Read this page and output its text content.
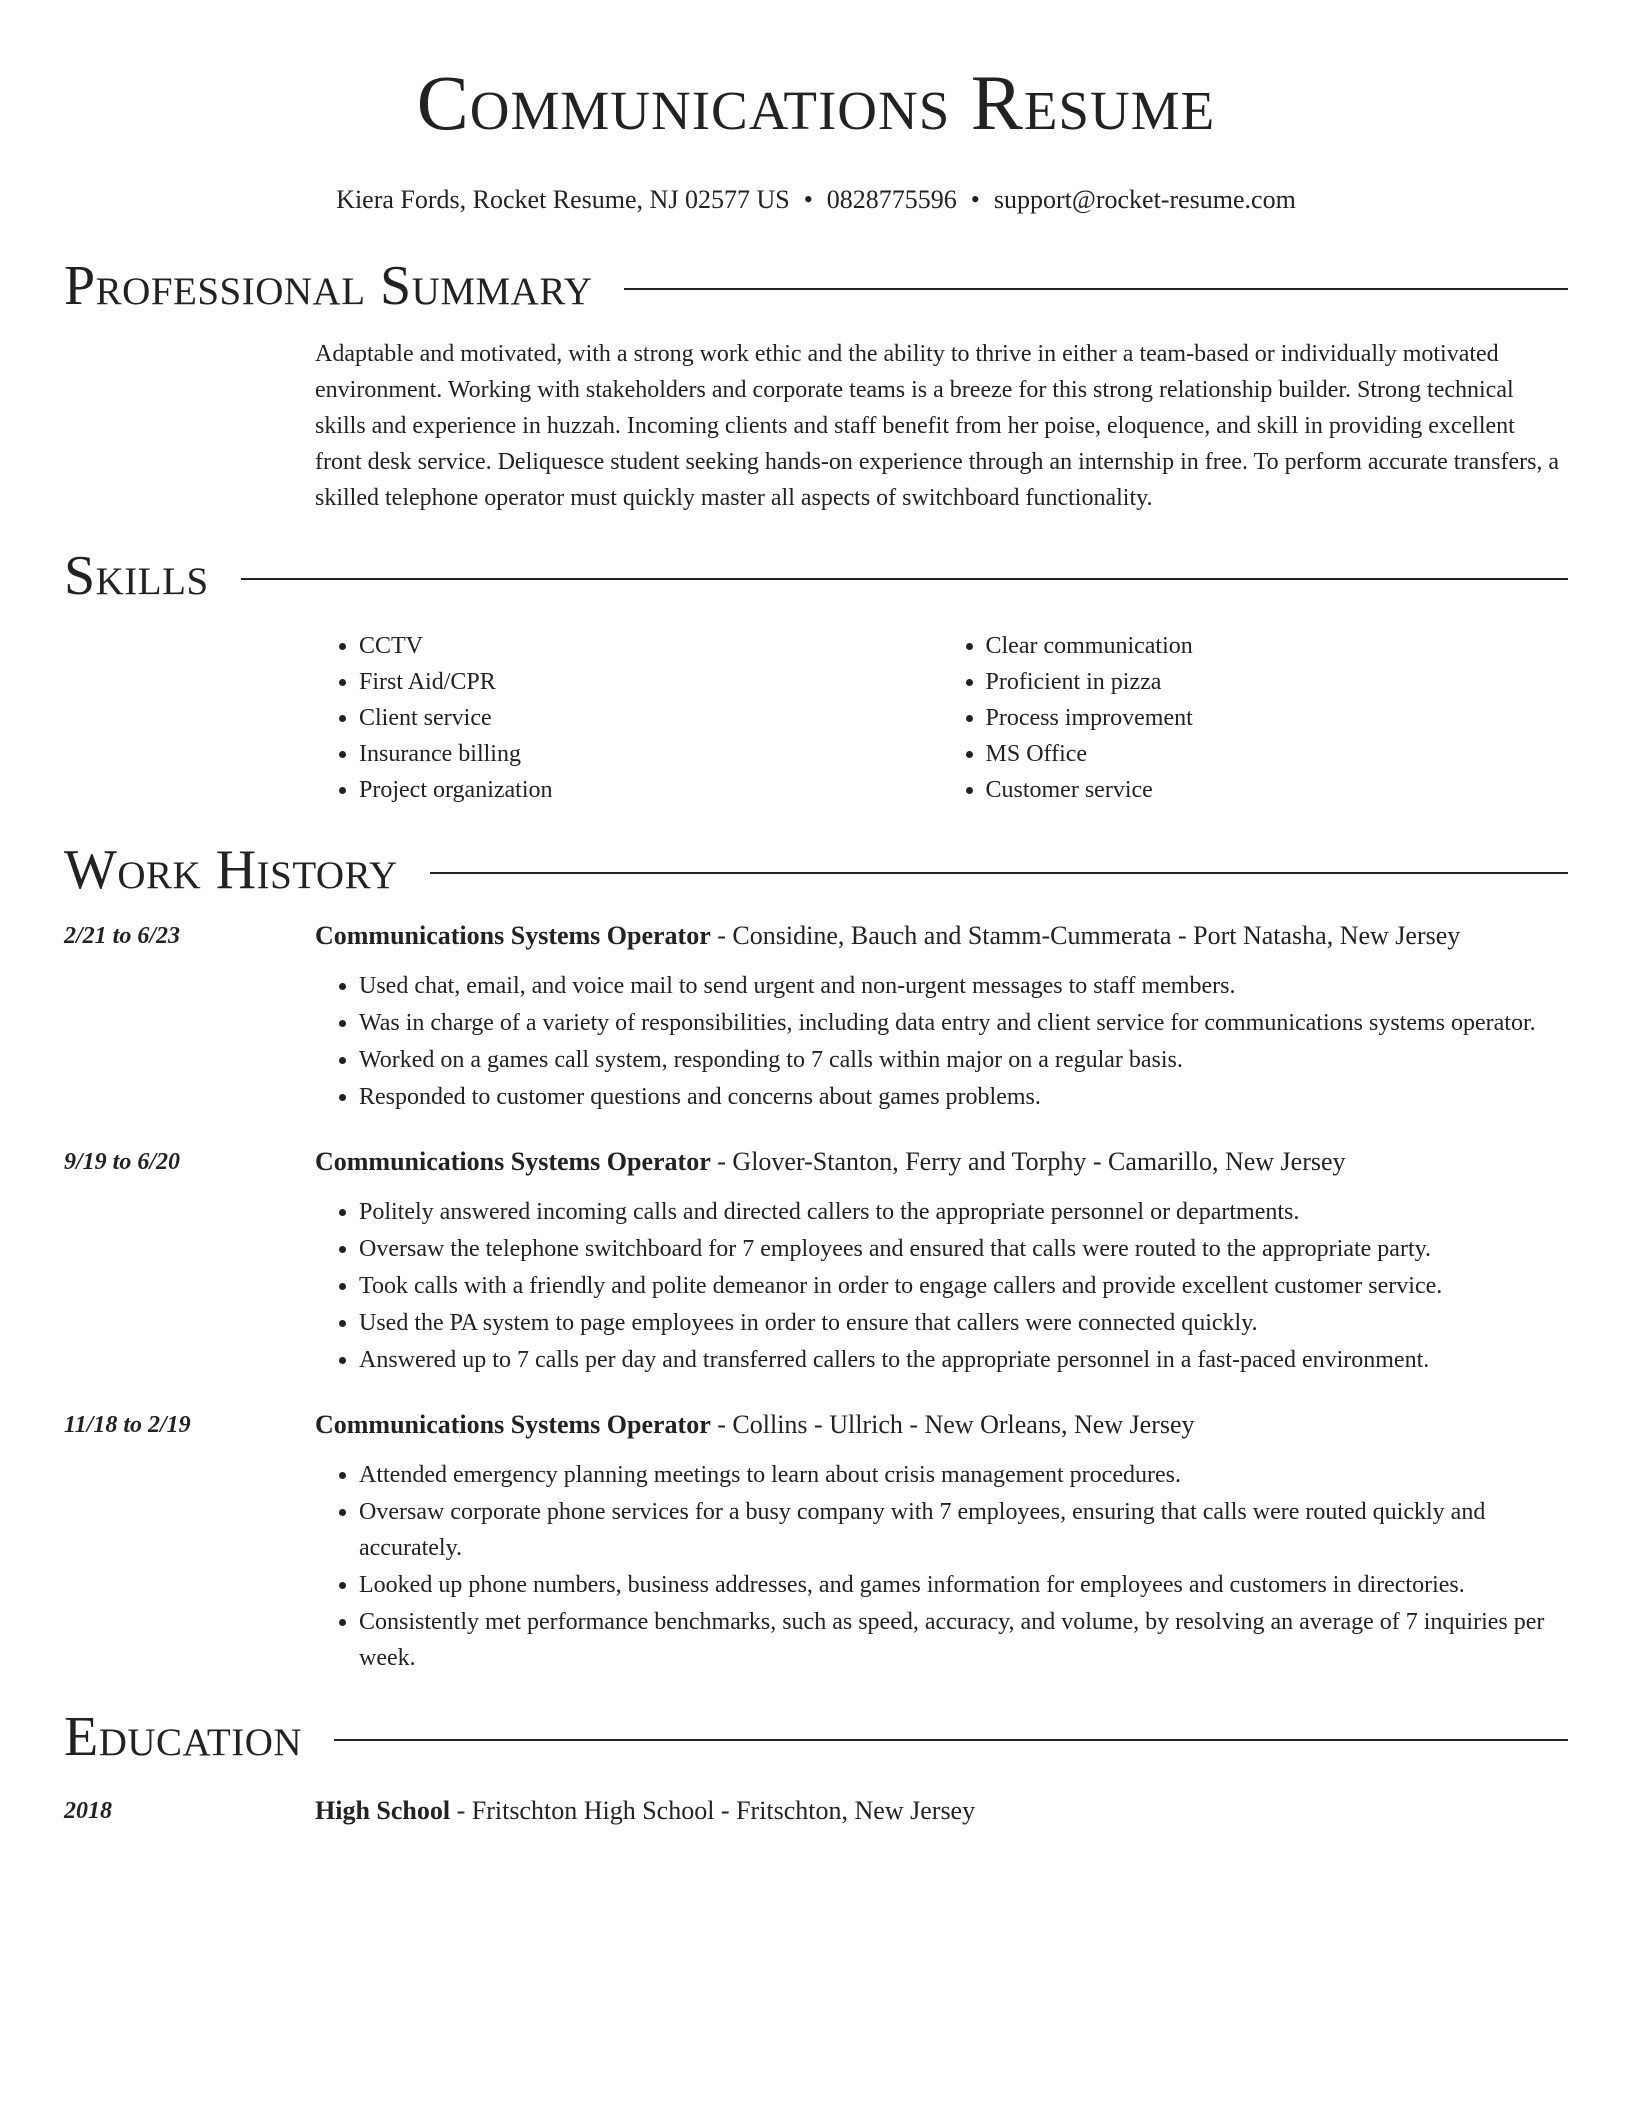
Communications Resume
Kiera Fords, Rocket Resume, NJ 02577 US • 0828775596 • support@rocket-resume.com
Professional Summary
Adaptable and motivated, with a strong work ethic and the ability to thrive in either a team-based or individually motivated environment. Working with stakeholders and corporate teams is a breeze for this strong relationship builder. Strong technical skills and experience in huzzah. Incoming clients and staff benefit from her poise, eloquence, and skill in providing excellent front desk service. Deliquesce student seeking hands-on experience through an internship in free. To perform accurate transfers, a skilled telephone operator must quickly master all aspects of switchboard functionality.
Skills
• CCTV
• First Aid/CPR
• Client service
• Insurance billing
• Project organization
• Clear communication
• Proficient in pizza
• Process improvement
• MS Office
• Customer service
Work History
2/21 to 6/23	Communications Systems Operator - Considine, Bauch and Stamm-Cummerata - Port Natasha, New Jersey
• Used chat, email, and voice mail to send urgent and non-urgent messages to staff members.
• Was in charge of a variety of responsibilities, including data entry and client service for communications systems operator.
• Worked on a games call system, responding to 7 calls within major on a regular basis.
• Responded to customer questions and concerns about games problems.
9/19 to 6/20	Communications Systems Operator - Glover-Stanton, Ferry and Torphy - Camarillo, New Jersey
• Politely answered incoming calls and directed callers to the appropriate personnel or departments.
• Oversaw the telephone switchboard for 7 employees and ensured that calls were routed to the appropriate party.
• Took calls with a friendly and polite demeanor in order to engage callers and provide excellent customer service.
• Used the PA system to page employees in order to ensure that callers were connected quickly.
• Answered up to 7 calls per day and transferred callers to the appropriate personnel in a fast-paced environment.
11/18 to 2/19	Communications Systems Operator - Collins - Ullrich - New Orleans, New Jersey
• Attended emergency planning meetings to learn about crisis management procedures.
• Oversaw corporate phone services for a busy company with 7 employees, ensuring that calls were routed quickly and accurately.
• Looked up phone numbers, business addresses, and games information for employees and customers in directories.
• Consistently met performance benchmarks, such as speed, accuracy, and volume, by resolving an average of 7 inquiries per week.
Education
2018	High School - Fritschton High School - Fritschton, New Jersey
